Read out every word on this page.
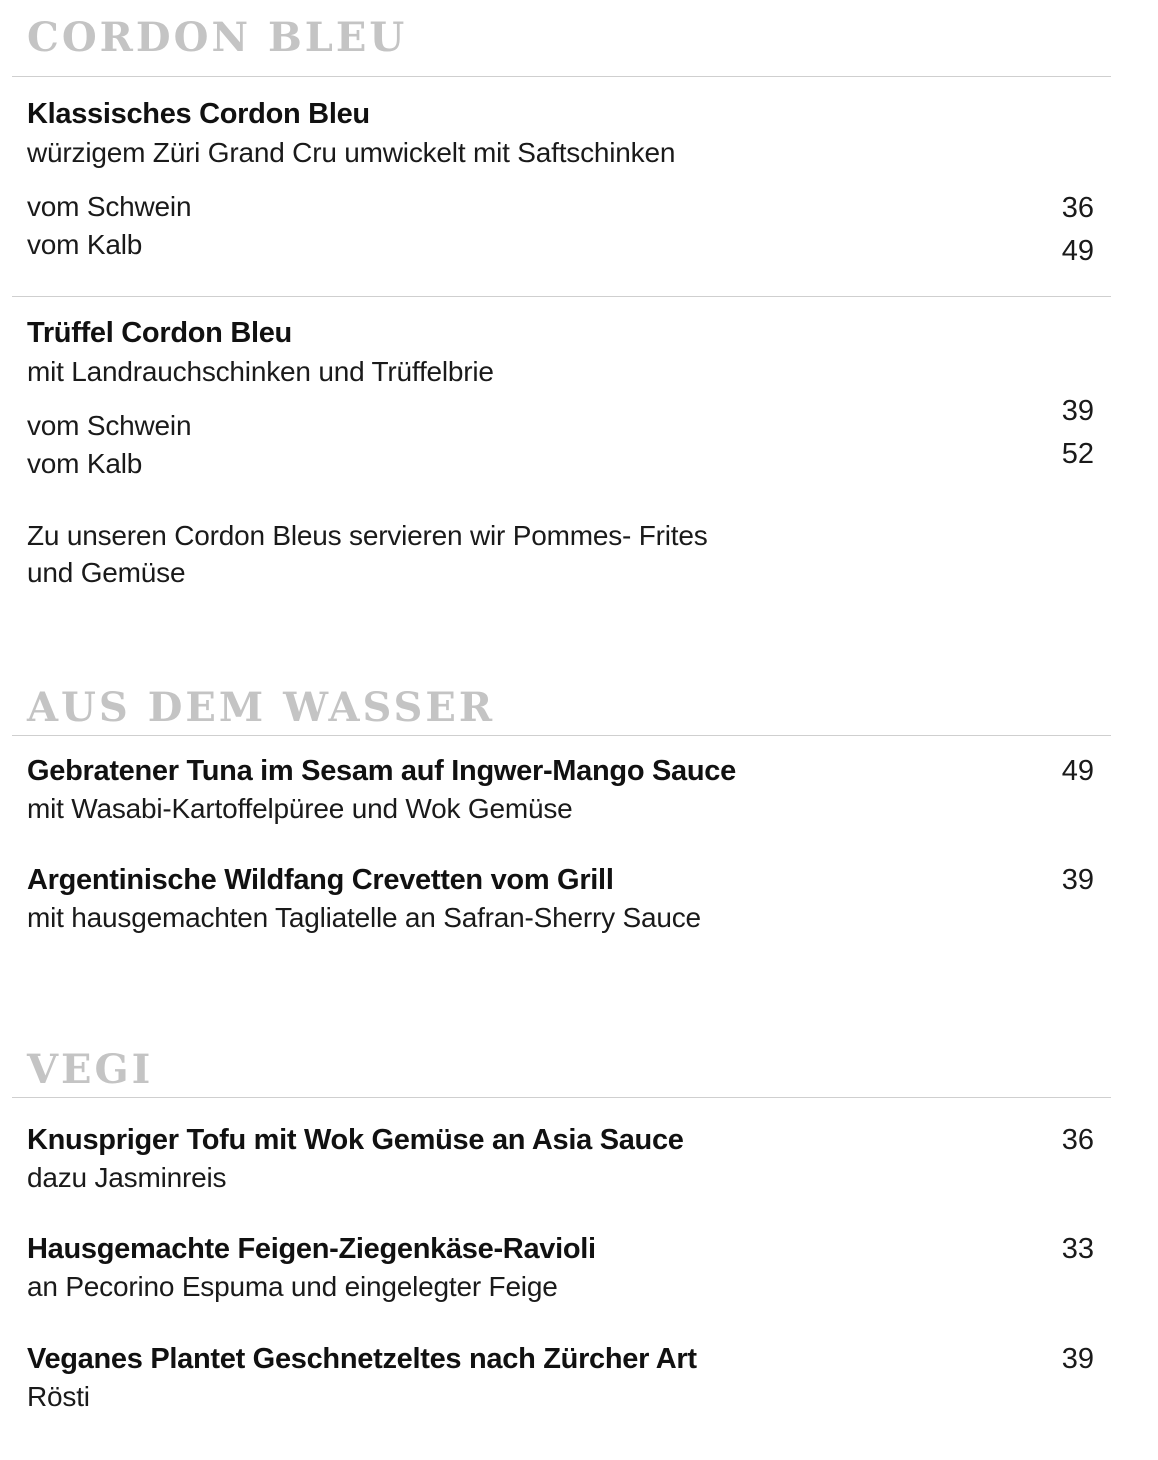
CORDON BLEU
Klassisches Cordon Bleu
würzigem Züri Grand Cru umwickelt mit Saftschinken
vom Schwein
vom Kalb
36
49
Trüffel Cordon Bleu
mit Landrauchschinken und Trüffelbrie
vom Schwein
vom Kalb
39
52
Zu unseren Cordon Bleus servieren wir Pommes- Frites
und Gemüse
AUS DEM WASSER
Gebratener Tuna im Sesam auf Ingwer-Mango Sauce
mit Wasabi-Kartoffelpüree und Wok Gemüse
49
Argentinische Wildfang Crevetten vom Grill
mit hausgemachten Tagliatelle an Safran-Sherry Sauce
39
VEGI
Knuspriger Tofu mit Wok Gemüse an Asia Sauce
dazu Jasminreis
36
Hausgemachte Feigen-Ziegenkäse-Ravioli
an Pecorino Espuma und eingelegter Feige
33
Veganes Plantet Geschnetzeltes nach Zürcher Art
Rösti
39
